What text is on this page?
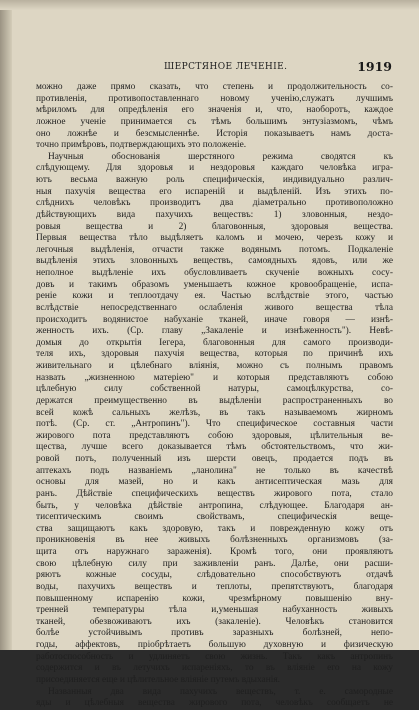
ШЕРСТЯНОЕ ЛЕЧЕНІЕ.	1919
можно даже прямо сказать, что степень и продолжительность со-
противленія, противопоставленнаго новому ученію,служатъ лучшимъ
мѣриломъ для опредѣленія его значенія и, что, наоборотъ, каждое
ложное ученіе принимается съ тѣмъ большимъ энтузіазмомъ, чѣмъ
оно ложнѣе и безсмысленнѣе. Исторія показываетъ намъ доста-
точно примѣровъ, подтверждающихъ это положеніе.
Научныя обоснованія шерстяного режима сводятся къ
слѣдующему. Для здоровья и нездоровья каждаго человѣка игра-
ютъ весьма важную роль специфическія, индивидуально различ-
ныя пахучія вещества его испареній и выдѣленій. Изъ этихъ по-
слѣднихъ человѣкъ производитъ два діаметрально противоположно
дѣйствующихъ вида пахучихъ веществъ: 1) зловонныя, нездо-
ровыя вещества и 2) благовонныя, здоровыя вещества.
Первыя вещества тѣло выдѣляетъ каломъ и мочею, черезъ кожу и
легочныя выдѣленія, отчасти также водянымъ потомъ. Подкаленіе
выдѣленія этихъ зловонныхъ веществъ, самоядныхъ ядовъ, или же
неполное выдѣленіе ихъ обусловливаетъ скученіе вожныхъ сосу-
довъ и такимъ образомъ уменьшаетъ кожное кровообращеніе, испа-
реніе кожи и теплоотдачу ея. Частью вслѣдствіе этого, частью
вслѣдствіе непосредственнаго ослабленія живого вещества тѣла
происходитъ водянистое набуханіе тканей, иначе говоря — изнѣ-
женность ихъ. (Ср. главу „Закаленіе и изнѣженность"). Невѣ-
домыя до открытія Іегера, благовонныя для самого производи-
теля ихъ, здоровыя пахучія вещества, которыя по причинѣ ихъ
живительнаго и цѣлебнаго вліянія, можно съ полнымъ правомъ
назвать „жизненною матеріею" и которыя представляютъ собою
цѣлебную силу собственной натуры, самоцѣлкурства, со-
держатся преимущественно въ выдѣленіи распространенныхъ во
всей кожѣ сальныхъ желѣзъ, въ такъ называемомъ жирномъ
потѣ. (Ср. ст. „Антропинъ"). Что специфическое составныя части
жирового пота представляютъ собою здоровыя, цѣлительныя ве-
щества, лучше всего доказывается тѣмъ обстоятельствомъ, что жи-
ровой потъ, полученный изъ шерсти овецъ, продается подъ въ
аптекахъ подъ названіемъ „ланолина" не только въ качествѣ
основы для мазей, но и какъ антисептическая мазь для
ранъ. Дѣйствіе специфическихъ веществъ жирового пота, стало
быть, у человѣка дѣйствіе антропина, слѣдующее. Благодаря ан-
тисептическимъ своимъ свойствамъ, специфическія веще-
ства защищаютъ какъ здоровую, такъ и поврежденную кожу отъ
проникновенія въ нее живыхъ болѣзненныхъ организмовъ (за-
щита отъ наружнаго зараженія). Кромѣ того, они проявляютъ
свою цѣлебную силу при заживленіи ранъ. Далѣе, они расши-
ряютъ кожные сосуды, слѣдовательно способствуютъ отдачѣ
воды, пахучихъ веществъ и теплоты, препятствуютъ, благодаря
повышенному испаренію кожи, чрезмѣрному повышенію вну-
тренней температуры тѣла и,уменьшая набуханность живыхъ
тканей, обезвоживаютъ ихъ (закаленіе). Человѣкъ становится
болѣе устойчивымъ противъ заразныхъ болѣзней, непо-
годы, аффектовъ, пріобрѣтаетъ большую духовную и физическую
работоспособность и удлиняетъ свою жизнь. Такъ какъ антропинъ
содержится и въ летучихъ испареніяхъ, то въ вліяніе его на кожу
присоединяется еще и цѣлительное вліяніе путемъ вдыханія.
Названныя два вида пахучихъ веществъ, т. е. самородные
яды и цѣлебныя вещества жирового пота, человѣкъ сообщаетъ не
